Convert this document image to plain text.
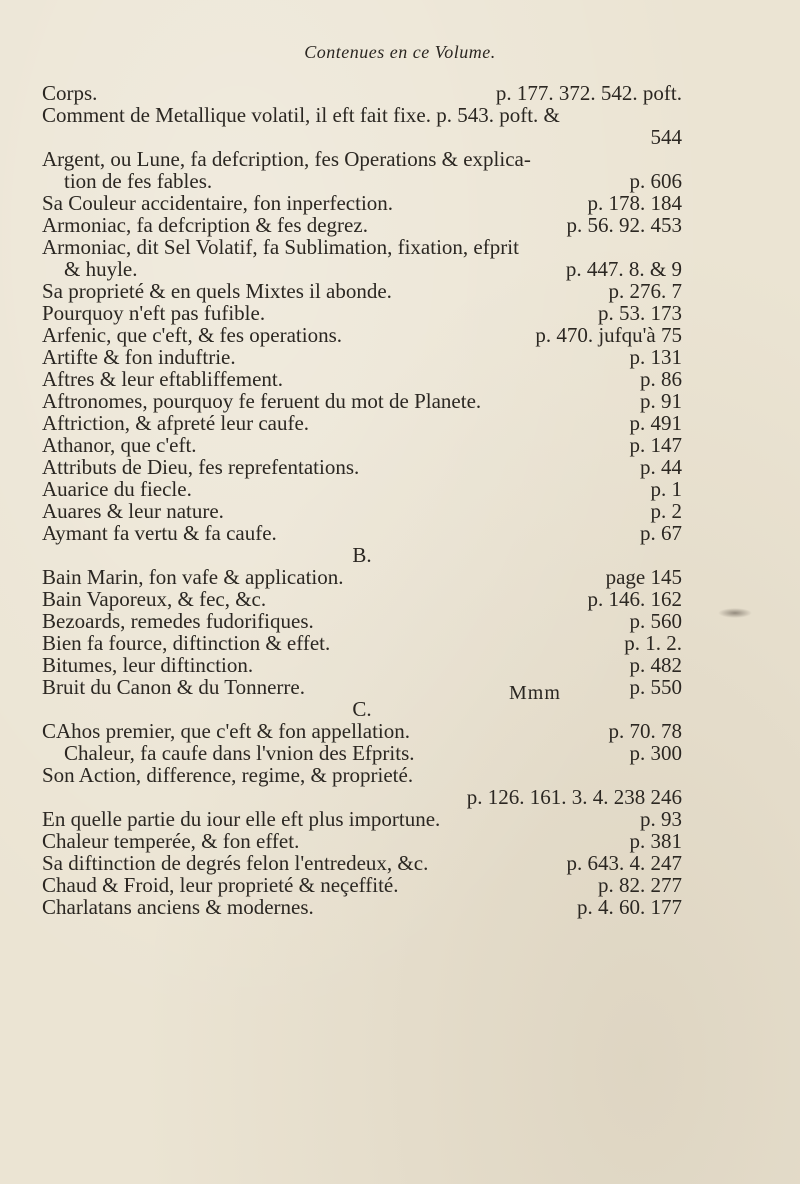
Contenues en ce Volume.
Corps.	p. 177. 372. 542. poft.
Comment de Metallique volatil, il eft fait fixe. p. 543. poft. &
544
Argent, ou Lune, fa defcription, fes Operations & explica-
tion de fes fables.	p. 606
Sa Couleur accidentaire, fon inperfection.	p. 178. 184
Armoniac, fa defcription & fes degrez.	p. 56. 92. 453
Armoniac, dit Sel Volatif, fa Sublimation, fixation, efprit
& huyle.	p. 447. 8. & 9
Sa proprieté & en quels Mixtes il abonde.	p. 276. 7
Pourquoy n'eft pas fufible.	p. 53. 173
Arfenic, que c'eft, & fes operations.	p. 470. jufqu'à 75
Artifte & fon induftrie.	p. 131
Aftres & leur eftabliffement.	p. 86
Aftronomes, pourquoy fe feruent du mot de Planete.	p. 91
Aftriction, & afpreté leur caufe.	p. 491
Athanor, que c'eft.	p. 147
Attributs de Dieu, fes reprefentations.	p. 44
Auarice du fiecle.	p. 1
Auares & leur nature.	p. 2
Aymant fa vertu & fa caufe.	p. 67
B.
Bain Marin, fon vafe & application.	page 145
Bain Vaporeux, & fec, &c.	p. 146. 162
Bezoards, remedes fudorifiques.	p. 560
Bien fa fource, diftinction & effet.	p. 1. 2.
Bitumes, leur diftinction.	p. 482
Bruit du Canon & du Tonnerre.	p. 550
C.
CAhos premier, que c'eft & fon appellation.	p. 70. 78
Chaleur, fa caufe dans l'vnion des Efprits.	p. 300
Son Action, difference, regime, & proprieté.
p. 126. 161. 3. 4. 238 246
En quelle partie du iour elle eft plus importune.	p. 93
Chaleur temperée, & fon effet.	p. 381
Sa diftinction de degrés felon l'entredeux, &c.	p. 643. 4. 247
Chaud & Froid, leur proprieté & neçeffité.	p. 82. 277
Charlatans anciens & modernes.	p. 4. 60. 177
Mmm
